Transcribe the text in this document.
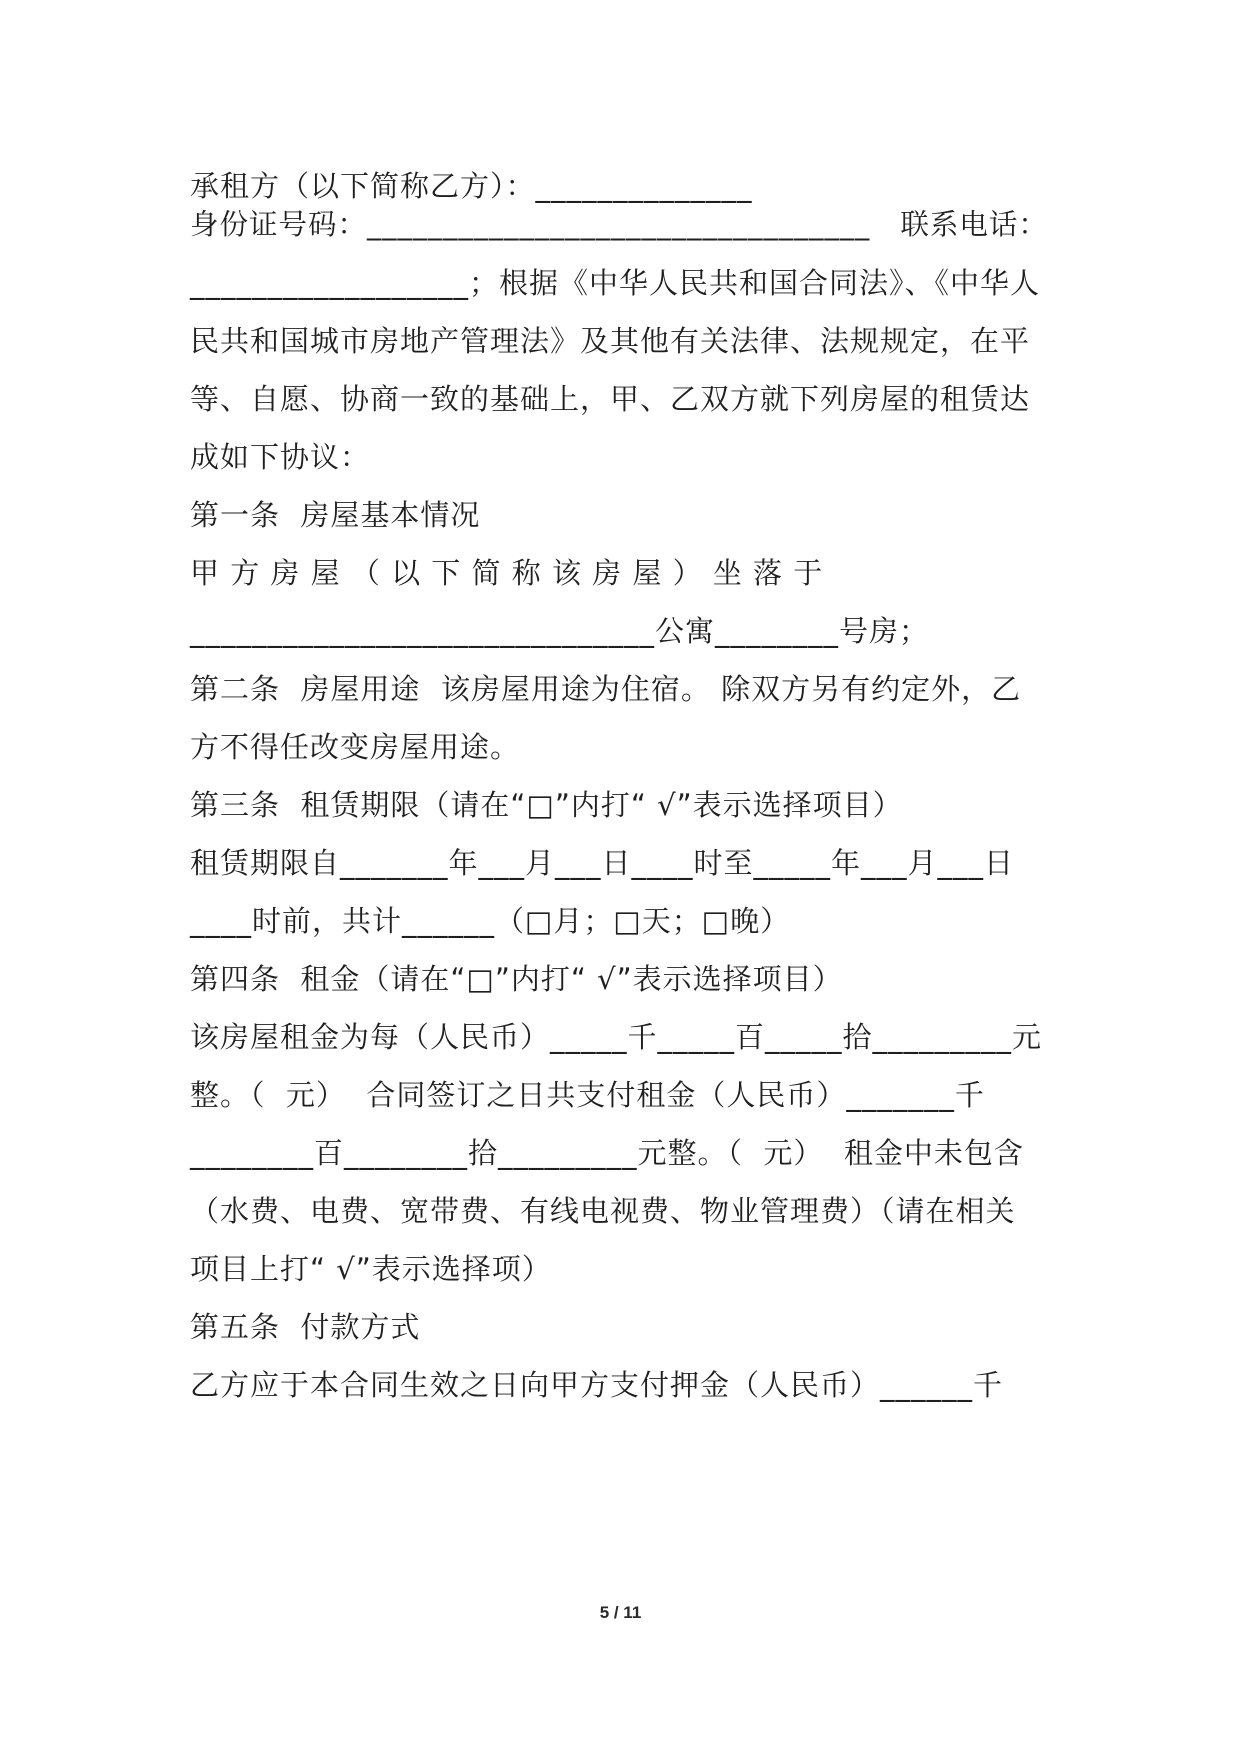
承租方（以下简称乙方）：______________
身份证号码：_________________________________   联系电话：
__________________；根据《中华人民共和国合同法》、《中华人
民共和国城市房地产管理法》及其他有关法律、法规规定，在平
等、自愿、协商一致的基础上，甲、乙双方就下列房屋的租赁达
成如下协议：
第一条  房屋基本情况
甲 方 房 屋 （ 以 下 简 称 该 房 屋 ） 坐 落 于
______________________________公寓________号房；
第二条  房屋用途  该房屋用途为住宿。 除双方另有约定外，乙
方不得任改变房屋用途。
第三条  租赁期限（请在“□”内打“ √”表示选择项目）
租赁期限自_______年___月___日____时至_____年___月___日
____时前，共计______（□月；□天；□晚）
第四条  租金（请在“□”内打“ √”表示选择项目）
该房屋租金为每（人民币）_____千_____百_____拾_________元
整。（  元）  合同签订之日共支付租金（人民币）_______千
________百________拾_________元整。（  元）  租金中未包含
（水费、电费、宽带费、有线电视费、物业管理费）（请在相关
项目上打“ √”表示选择项）
第五条  付款方式
乙方应于本合同生效之日向甲方支付押金（人民币）______千
5 / 11
